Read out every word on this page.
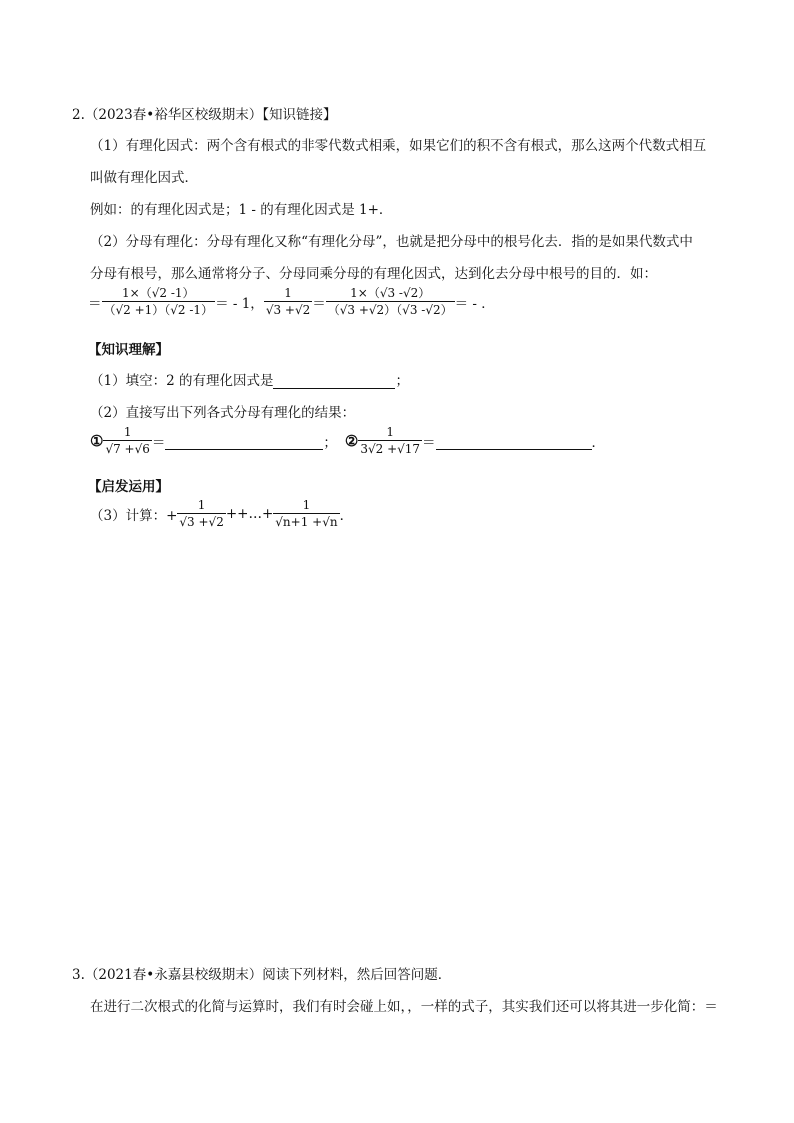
2.（2023春•裕华区校级期末）【知识链接】
（1）有理化因式：两个含有根式的非零代数式相乘，如果它们的积不含有根式，那么这两个代数式相互
叫做有理化因式．
例如：的有理化因式是；1 - 的有理化因式是 1+．
（2）分母有理化：分母有理化又称“有理化分母”，也就是把分母中的根号化去．指的是如果代数式中
分母有根号，那么通常将分子、分母同乘分母的有理化因式，达到化去分母中根号的目的．如：
＝ $\frac{1\times(√2 -1)}{(√2 +1)(√2 -1)}$ ＝ - 1， $\frac{1}{√3 +√2} = \frac{1\times(√3 -√2)}{(√3 +√2)(√3 -√2)}$ ＝ - ．
【知识理解】
（1）填空：2 的有理化因式是	；
（2）直接写出下列各式分母有理化的结果：
① $\frac{1}{√7 +√6}$ ＝	； ② $\frac{1}{3√2 +√17}$ ＝	．
【启发运用】
（3）计算：+ $\frac{1}{√3 +√2}$ ++…+ $\frac{1}{√n+1 +√n}$ ．
3.（2021春•永嘉县校级期末）阅读下列材料，然后回答问题．
在进行二次根式的化简与运算时，我们有时会碰上如，，一样的式子，其实我们还可以将其进一步化简：＝
